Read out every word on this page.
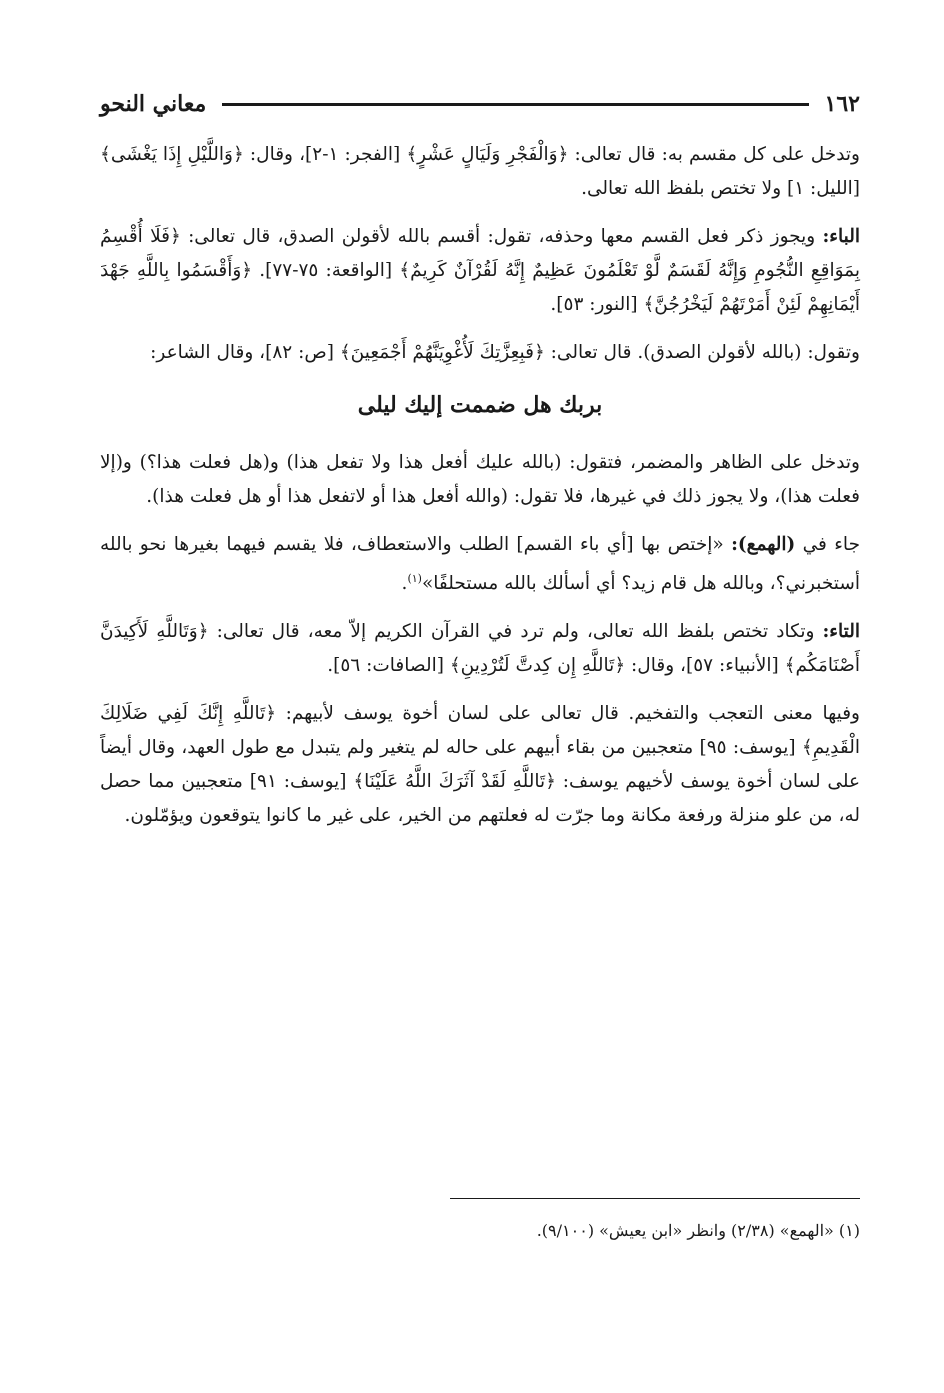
١٦٢
معاني النحو

وتدخل على كل مقسم به: قال تعالى: ﴿وَالْفَجْرِ وَلَيَالٍ عَشْرٍ﴾ [الفجر: ١-٢]، وقال: ﴿وَاللَّيْلِ إِذَا يَغْشَى﴾ [الليل: ١] ولا تختص بلفظ الله تعالى.

الباء: ويجوز ذكر فعل القسم معها وحذفه، تقول: أقسم بالله لأقولن الصدق، قال تعالى: ﴿فَلَا أُقْسِمُ بِمَوَاقِعِ النُّجُومِ وَإِنَّهُ لَقَسَمٌ لَّوْ تَعْلَمُونَ عَظِيمٌ إِنَّهُ لَقُرْآنٌ كَرِيمٌ﴾ [الواقعة: ٧٥-٧٧]. ﴿وَأَقْسَمُوا بِاللَّهِ جَهْدَ أَيْمَانِهِمْ لَئِنْ أَمَرْتَهُمْ لَيَخْرُجُنَّ﴾ [النور: ٥٣].

وتقول: (بالله لأقولن الصدق). قال تعالى: ﴿فَبِعِزَّتِكَ لَأُغْوِيَنَّهُمْ أَجْمَعِينَ﴾ [ص: ٨٢]، وقال الشاعر:

بربك هل ضممت إليك ليلى

وتدخل على الظاهر والمضمر، فتقول: (بالله عليك أفعل هذا ولا تفعل هذا) و(هل فعلت هذا؟) و(إلا فعلت هذا)، ولا يجوز ذلك في غيرها، فلا تقول: (والله أفعل هذا أو لاتفعل هذا أو هل فعلت هذا).

جاء في (الهمع): «إختص بها [أي باء القسم] الطلب والاستعطاف، فلا يقسم فيهما بغيرها نحو بالله أستخبرني؟، وبالله هل قام زيد؟ أي أسألك بالله مستحلفًا»$^{(١)}$.

التاء: وتكاد تختص بلفظ الله تعالى، ولم ترد في القرآن الكريم إلاّ معه، قال تعالى: ﴿وَتَاللَّهِ لَأَكِيدَنَّ أَصْنَامَكُم﴾ [الأنبياء: ٥٧]، وقال: ﴿تَاللَّهِ إِن كِدتَّ لَتُرْدِينِ﴾ [الصافات: ٥٦].

وفيها معنى التعجب والتفخيم. قال تعالى على لسان أخوة يوسف لأبيهم: ﴿تَاللَّهِ إِنَّكَ لَفِي ضَلَالِكَ الْقَدِيمِ﴾ [يوسف: ٩٥] متعجبين من بقاء أبيهم على حاله لم يتغير ولم يتبدل مع طول العهد، وقال أيضاً على لسان أخوة يوسف لأخيهم يوسف: ﴿تَاللَّهِ لَقَدْ آثَرَكَ اللَّهُ عَلَيْنَا﴾ [يوسف: ٩١] متعجبين مما حصل له، من علو منزلة ورفعة مكانة وما جرّت له فعلتهم من الخير، على غير ما كانوا يتوقعون ويؤمّلون.

(١) «الهمع» (٢/٣٨) وانظر «ابن يعيش» (٩/١٠٠).
